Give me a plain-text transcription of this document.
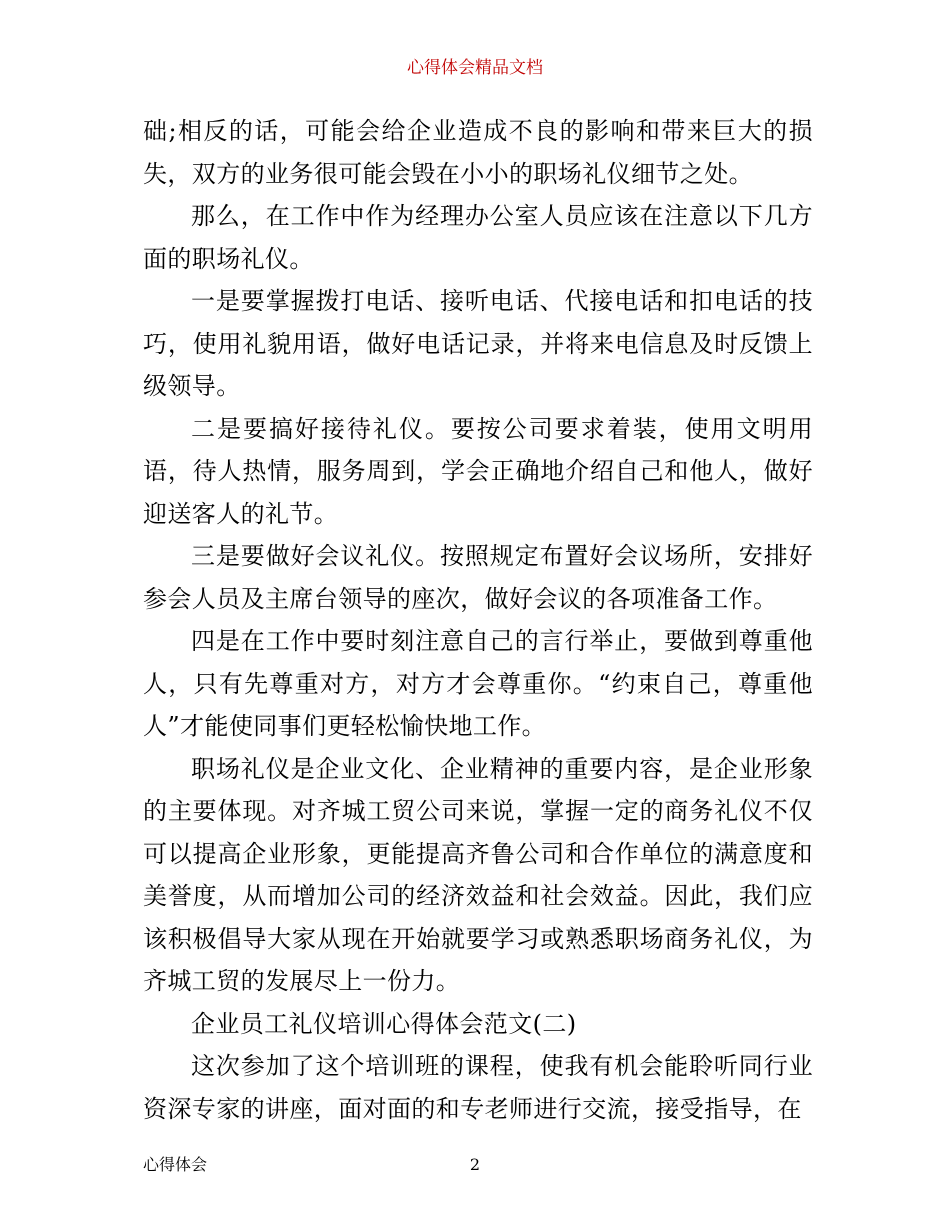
心得体会精品文档

础;相反的话，可能会给企业造成不良的影响和带来巨大的损失，双方的业务很可能会毁在小小的职场礼仪细节之处。

那么，在工作中作为经理办公室人员应该在注意以下几方面的职场礼仪。

一是要掌握拨打电话、接听电话、代接电话和扣电话的技巧，使用礼貌用语，做好电话记录，并将来电信息及时反馈上级领导。

二是要搞好接待礼仪。要按公司要求着装，使用文明用语，待人热情，服务周到，学会正确地介绍自己和他人，做好迎送客人的礼节。

三是要做好会议礼仪。按照规定布置好会议场所，安排好参会人员及主席台领导的座次，做好会议的各项准备工作。

四是在工作中要时刻注意自己的言行举止，要做到尊重他人，只有先尊重对方，对方才会尊重你。“约束自己，尊重他人”才能使同事们更轻松愉快地工作。

职场礼仪是企业文化、企业精神的重要内容，是企业形象的主要体现。对齐城工贸公司来说，掌握一定的商务礼仪不仅可以提高企业形象，更能提高齐鲁公司和合作单位的满意度和美誉度，从而增加公司的经济效益和社会效益。因此，我们应该积极倡导大家从现在开始就要学习或熟悉职场商务礼仪，为齐城工贸的发展尽上一份力。

企业员工礼仪培训心得体会范文(二)

这次参加了这个培训班的课程，使我有机会能聆听同行业资深专家的讲座，面对面的和专老师进行交流，接受指导，在

心得体会	2
